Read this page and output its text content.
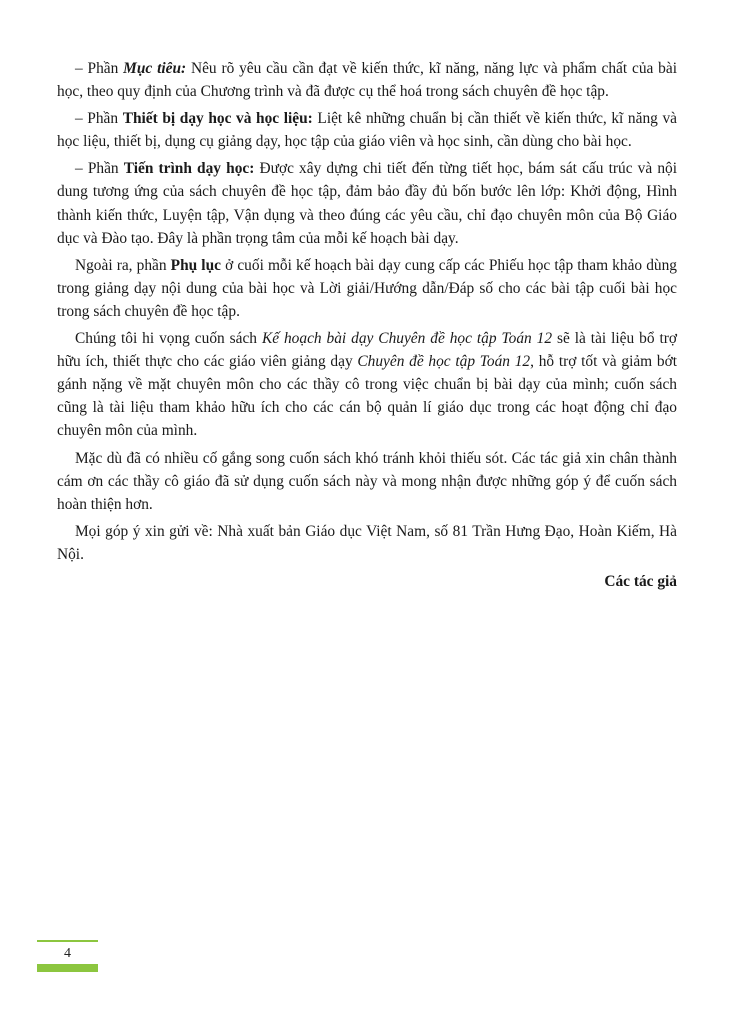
– Phần Mục tiêu: Nêu rõ yêu cầu cần đạt về kiến thức, kĩ năng, năng lực và phẩm chất của bài học, theo quy định của Chương trình và đã được cụ thể hoá trong sách chuyên đề học tập.

– Phần Thiết bị dạy học và học liệu: Liệt kê những chuẩn bị cần thiết về kiến thức, kĩ năng và học liệu, thiết bị, dụng cụ giảng dạy, học tập của giáo viên và học sinh, cần dùng cho bài học.

– Phần Tiến trình dạy học: Được xây dựng chi tiết đến từng tiết học, bám sát cấu trúc và nội dung tương ứng của sách chuyên đề học tập, đảm bảo đầy đủ bốn bước lên lớp: Khởi động, Hình thành kiến thức, Luyện tập, Vận dụng và theo đúng các yêu cầu, chỉ đạo chuyên môn của Bộ Giáo dục và Đào tạo. Đây là phần trọng tâm của mỗi kế hoạch bài dạy.

Ngoài ra, phần Phụ lục ở cuối mỗi kế hoạch bài dạy cung cấp các Phiếu học tập tham khảo dùng trong giảng dạy nội dung của bài học và Lời giải/Hướng dẫn/Đáp số cho các bài tập cuối bài học trong sách chuyên đề học tập.

Chúng tôi hi vọng cuốn sách Kế hoạch bài dạy Chuyên đề học tập Toán 12 sẽ là tài liệu bổ trợ hữu ích, thiết thực cho các giáo viên giảng dạy Chuyên đề học tập Toán 12, hỗ trợ tốt và giảm bớt gánh nặng về mặt chuyên môn cho các thầy cô trong việc chuẩn bị bài dạy của mình; cuốn sách cũng là tài liệu tham khảo hữu ích cho các cán bộ quản lí giáo dục trong các hoạt động chỉ đạo chuyên môn của mình.

Mặc dù đã có nhiều cố gắng song cuốn sách khó tránh khỏi thiếu sót. Các tác giả xin chân thành cám ơn các thầy cô giáo đã sử dụng cuốn sách này và mong nhận được những góp ý để cuốn sách hoàn thiện hơn.

Mọi góp ý xin gửi về: Nhà xuất bản Giáo dục Việt Nam, số 81 Trần Hưng Đạo, Hoàn Kiếm, Hà Nội.

Các tác giả

4
